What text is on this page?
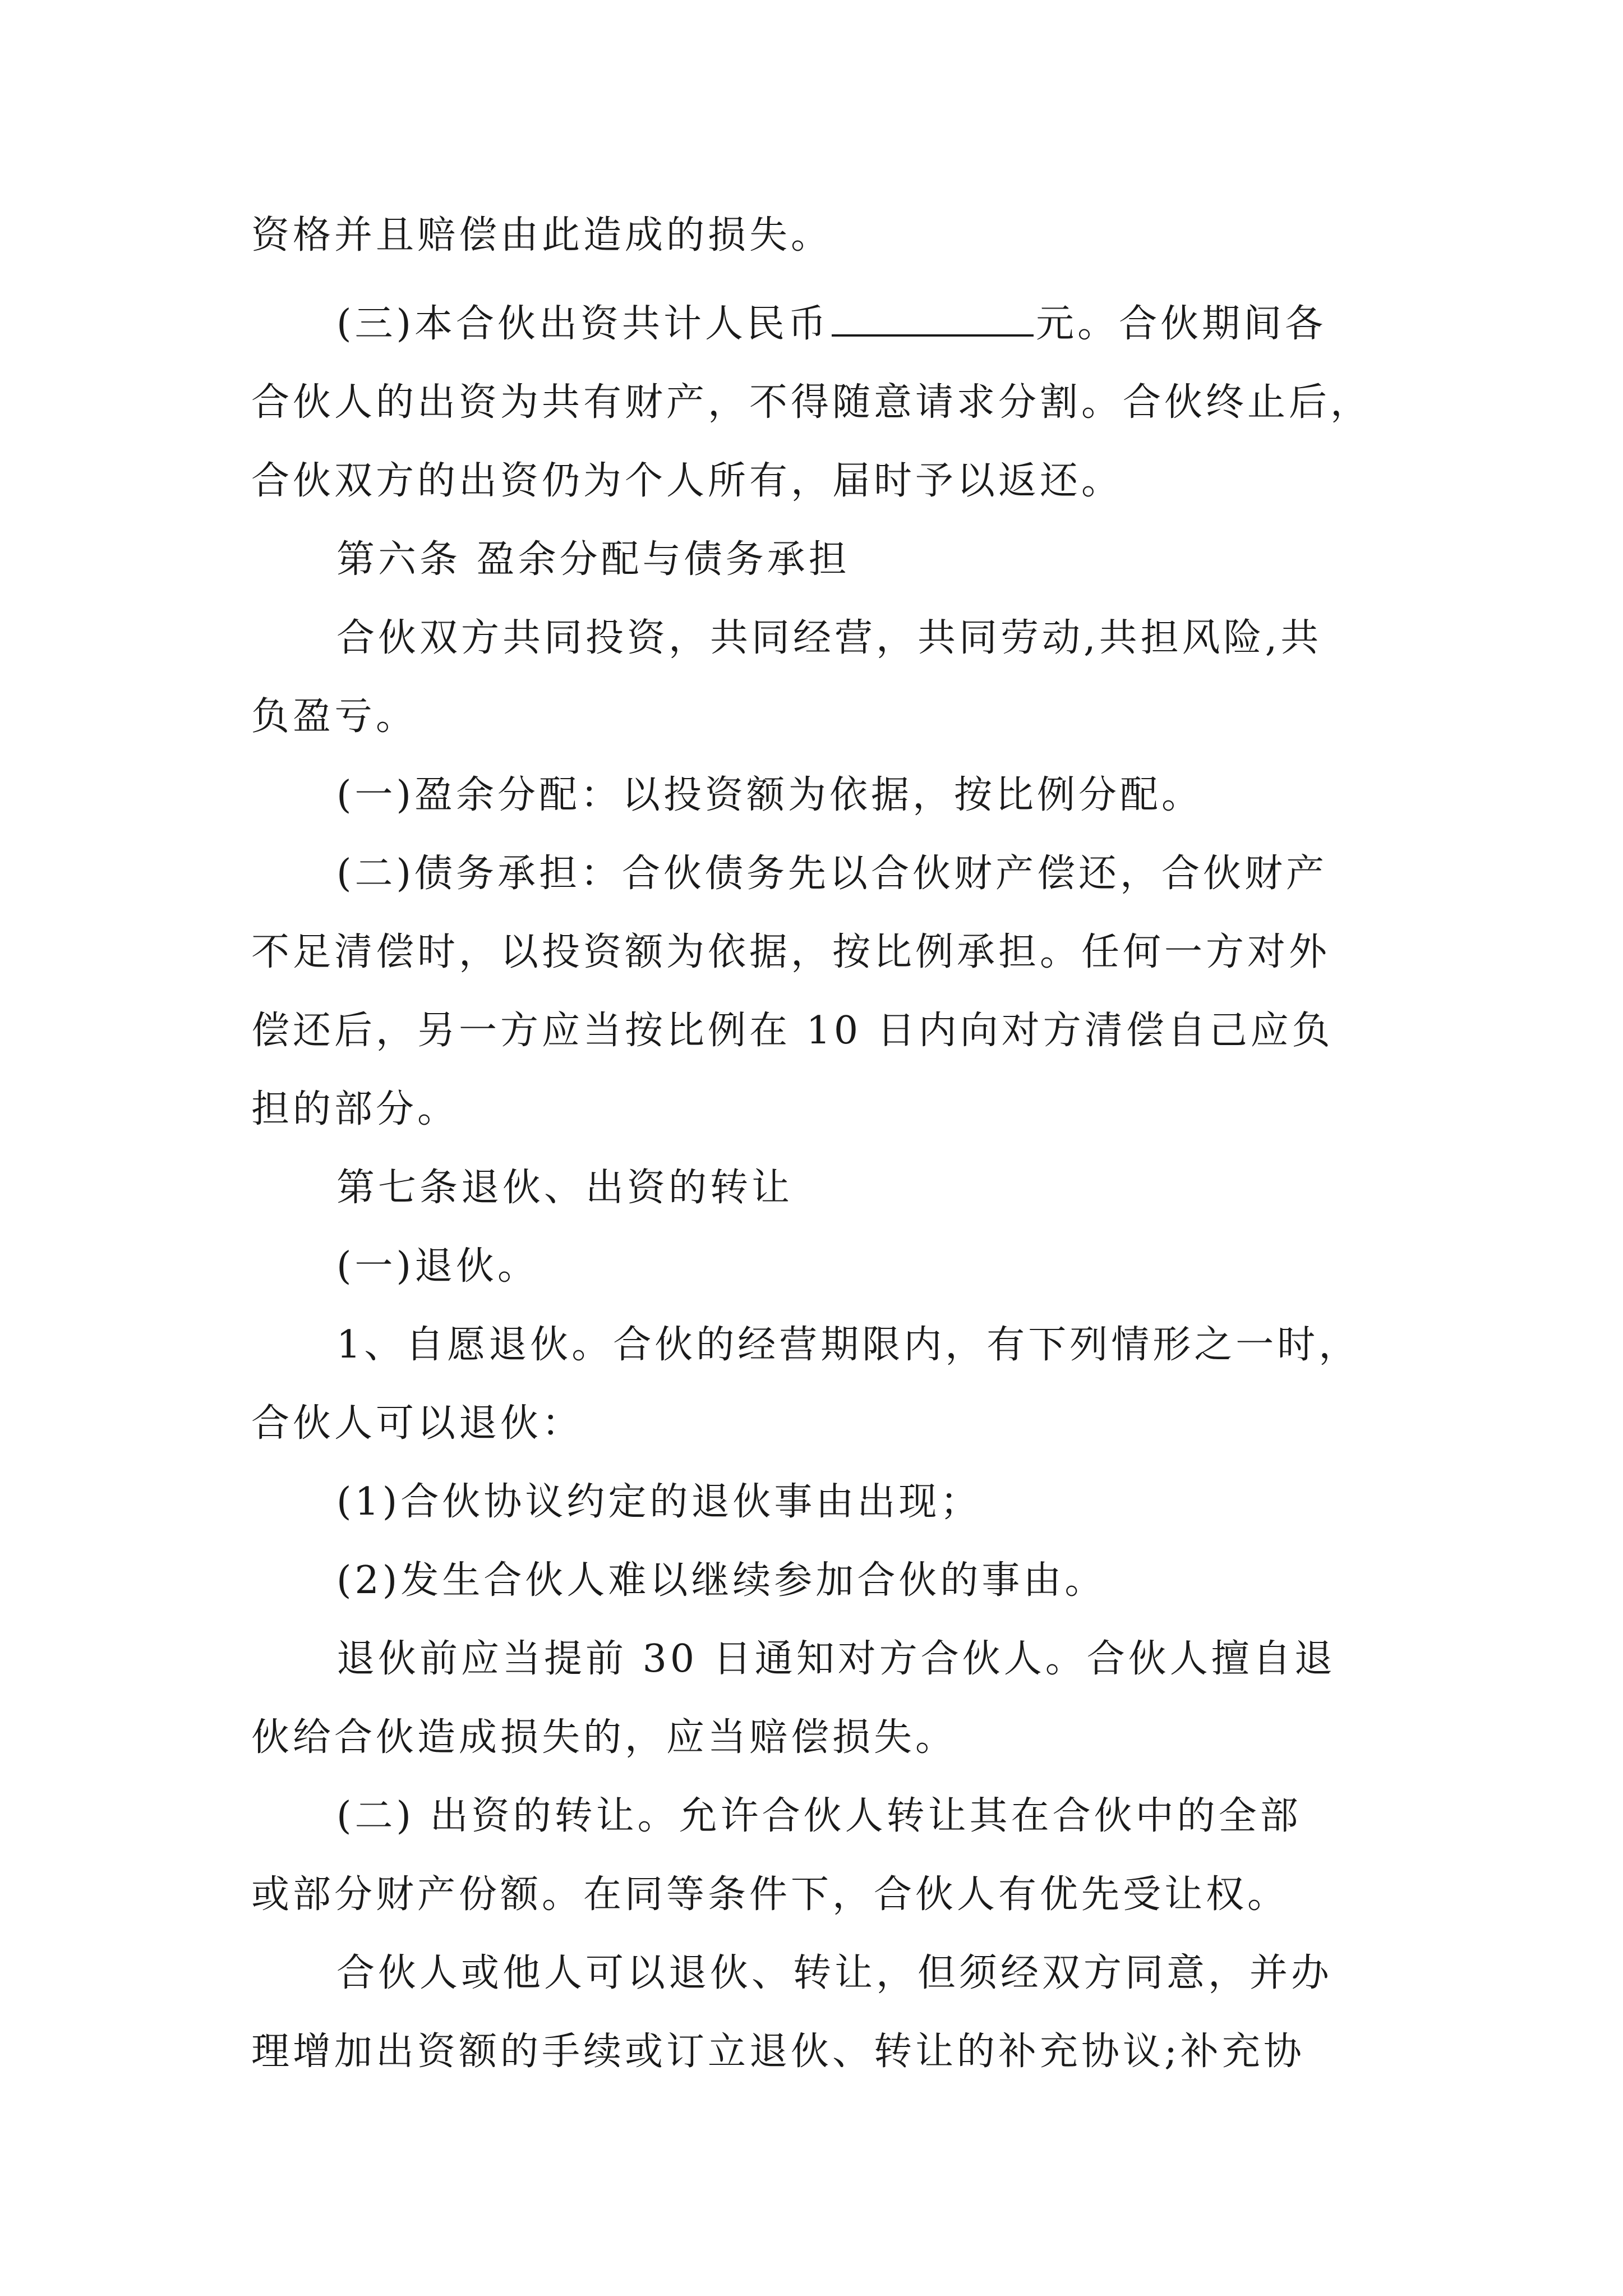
资格并且赔偿由此造成的损失。
(三)本合伙出资共计人民币	元。合伙期间各
合伙人的出资为共有财产，不得随意请求分割。合伙终止后，
合伙双方的出资仍为个人所有，届时予以返还。
第六条 盈余分配与债务承担
合伙双方共同投资，共同经营，共同劳动,共担风险,共
负盈亏。
(一)盈余分配：以投资额为依据，按比例分配。
(二)债务承担：合伙债务先以合伙财产偿还，合伙财产
不足清偿时，以投资额为依据，按比例承担。任何一方对外
偿还后，另一方应当按比例在 10 日内向对方清偿自己应负
担的部分。
第七条退伙、出资的转让
(一)退伙。
1、自愿退伙。合伙的经营期限内，有下列情形之一时，
合伙人可以退伙：
(1)合伙协议约定的退伙事由出现；
(2)发生合伙人难以继续参加合伙的事由。
退伙前应当提前 30 日通知对方合伙人。合伙人擅自退
伙给合伙造成损失的，应当赔偿损失。
(二) 出资的转让。允许合伙人转让其在合伙中的全部
或部分财产份额。在同等条件下，合伙人有优先受让权。
合伙人或他人可以退伙、转让，但须经双方同意，并办
理增加出资额的手续或订立退伙、转让的补充协议;补充协
